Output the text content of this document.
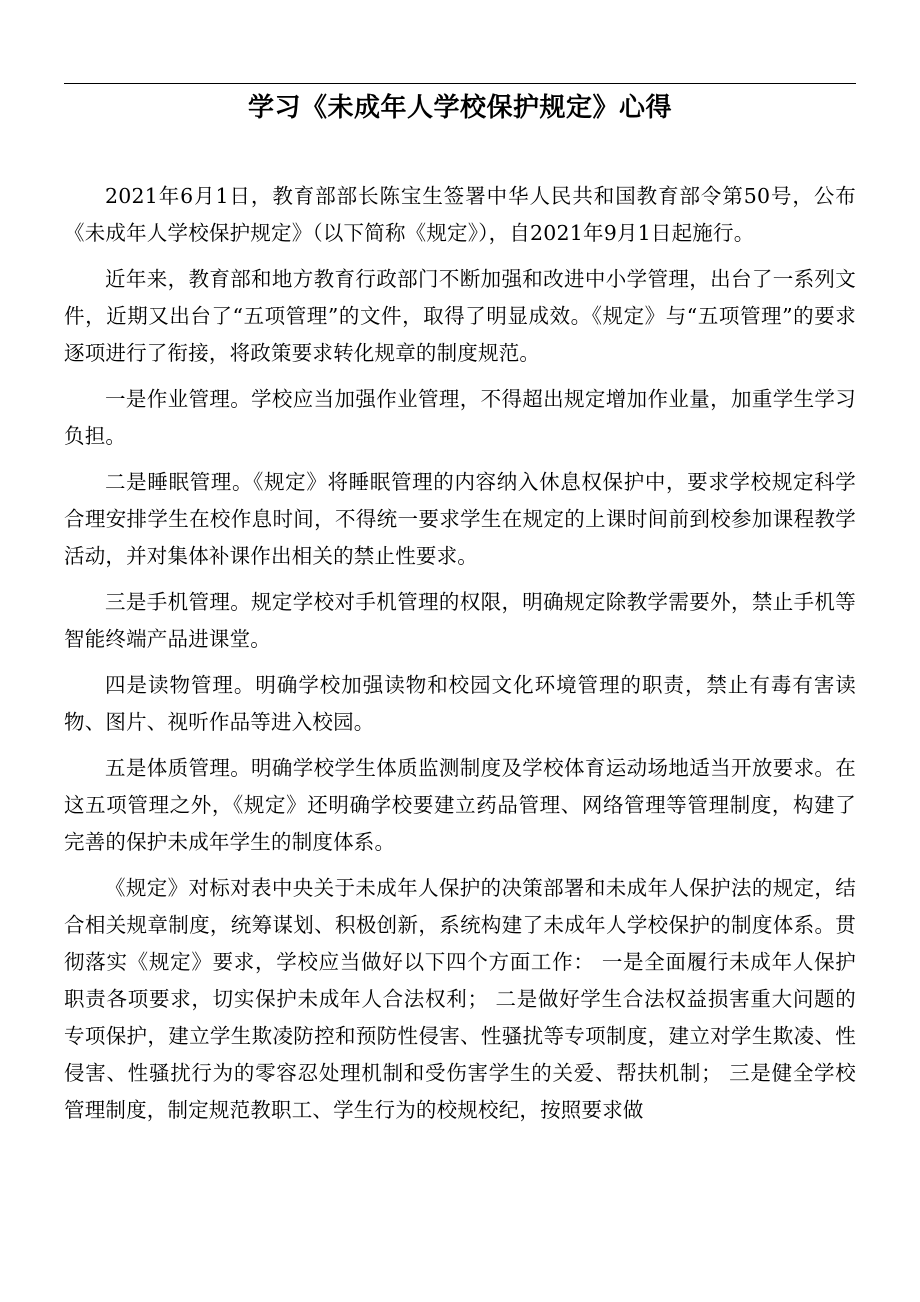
学习《未成年人学校保护规定》心得

2021年6月1日，教育部部长陈宝生签署中华人民共和国教育部令第50号，公布《未成年人学校保护规定》（以下简称《规定》），自2021年9月1日起施行。

近年来，教育部和地方教育行政部门不断加强和改进中小学管理，出台了一系列文件，近期又出台了“五项管理”的文件，取得了明显成效。《规定》与“五项管理”的要求逐项进行了衔接，将政策要求转化规章的制度规范。

一是作业管理。学校应当加强作业管理，不得超出规定增加作业量，加重学生学习负担。

二是睡眠管理。《规定》将睡眠管理的内容纳入休息权保护中，要求学校规定科学合理安排学生在校作息时间，不得统一要求学生在规定的上课时间前到校参加课程教学活动，并对集体补课作出相关的禁止性要求。

三是手机管理。规定学校对手机管理的权限，明确规定除教学需要外，禁止手机等智能终端产品进课堂。

四是读物管理。明确学校加强读物和校园文化环境管理的职责，禁止有毒有害读物、图片、视听作品等进入校园。

五是体质管理。明确学校学生体质监测制度及学校体育运动场地适当开放要求。在这五项管理之外，《规定》还明确学校要建立药品管理、网络管理等管理制度，构建了完善的保护未成年学生的制度体系。

《规定》对标对表中央关于未成年人保护的决策部署和未成年人保护法的规定，结合相关规章制度，统筹谋划、积极创新，系统构建了未成年人学校保护的制度体系。贯彻落实《规定》要求，学校应当做好以下四个方面工作： 一是全面履行未成年人保护职责各项要求，切实保护未成年人合法权利； 二是做好学生合法权益损害重大问题的专项保护，建立学生欺凌防控和预防性侵害、性骚扰等专项制度，建立对学生欺凌、性侵害、性骚扰行为的零容忍处理机制和受伤害学生的关爱、帮扶机制； 三是健全学校管理制度，制定规范教职工、学生行为的校规校纪，按照要求做
